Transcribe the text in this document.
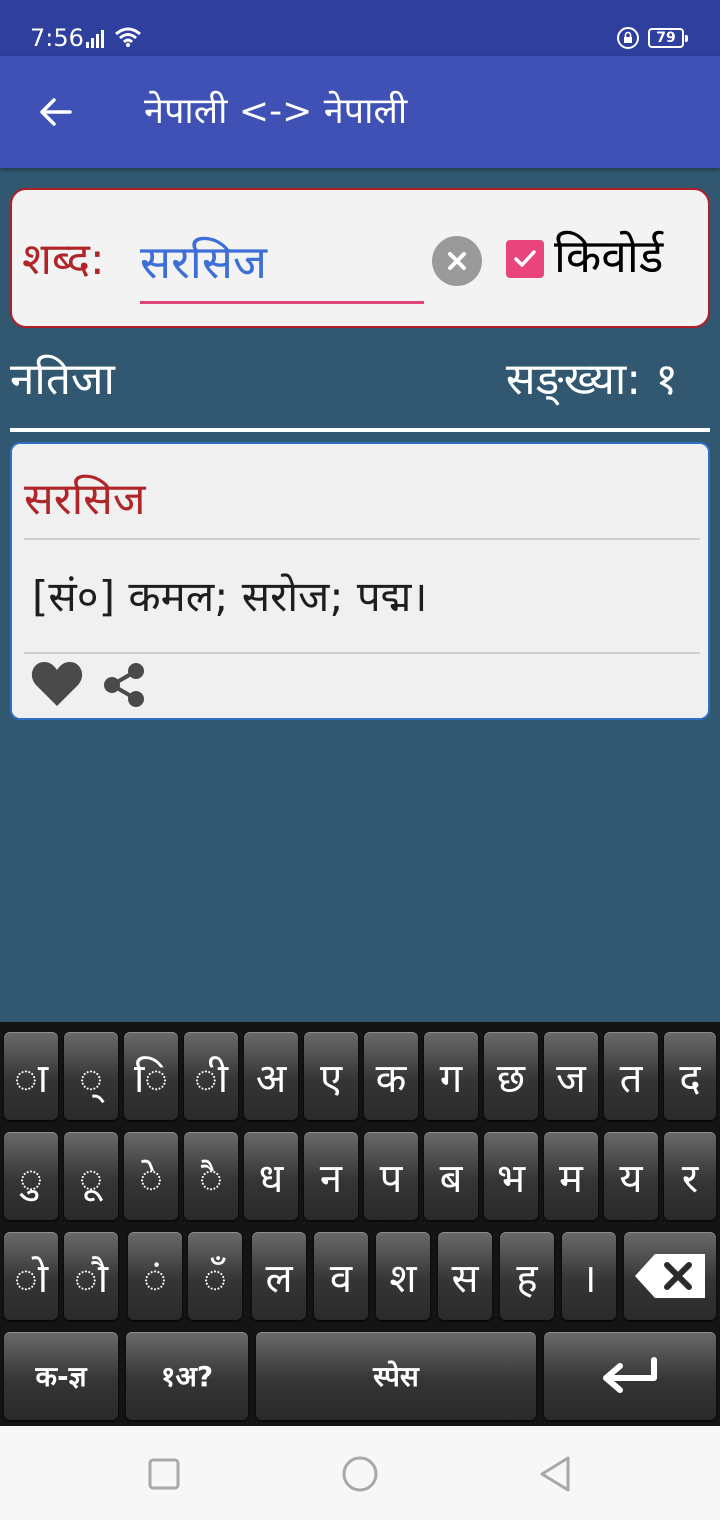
7:56	79
नेपाली <-> नेपाली
शब्द:
सरसिज	किवोर्ड
नतिजा	सङ्ख्या: १
सरसिज
[सं०] कमल; सरोज; पद्म।
ा ् ि ी अ ए क ग छ ज त द
ु ू े ै ध न प ब भ म य र
ो ौ ं ँ ल व श स ह	।
क-ज्ञ	१अ?	स्पेस
